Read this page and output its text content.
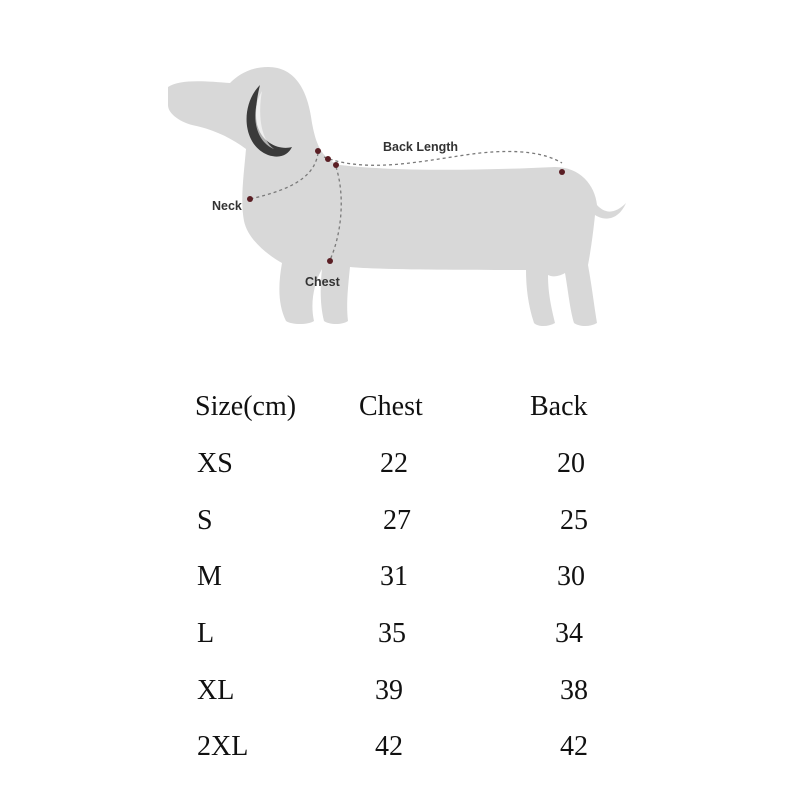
Back Length
Neck
Chest
Size(cm) Chest	Back
XS	22	20
S	27	25
M	31	30
L	35	34
XL	39	38
2XL	42	42
